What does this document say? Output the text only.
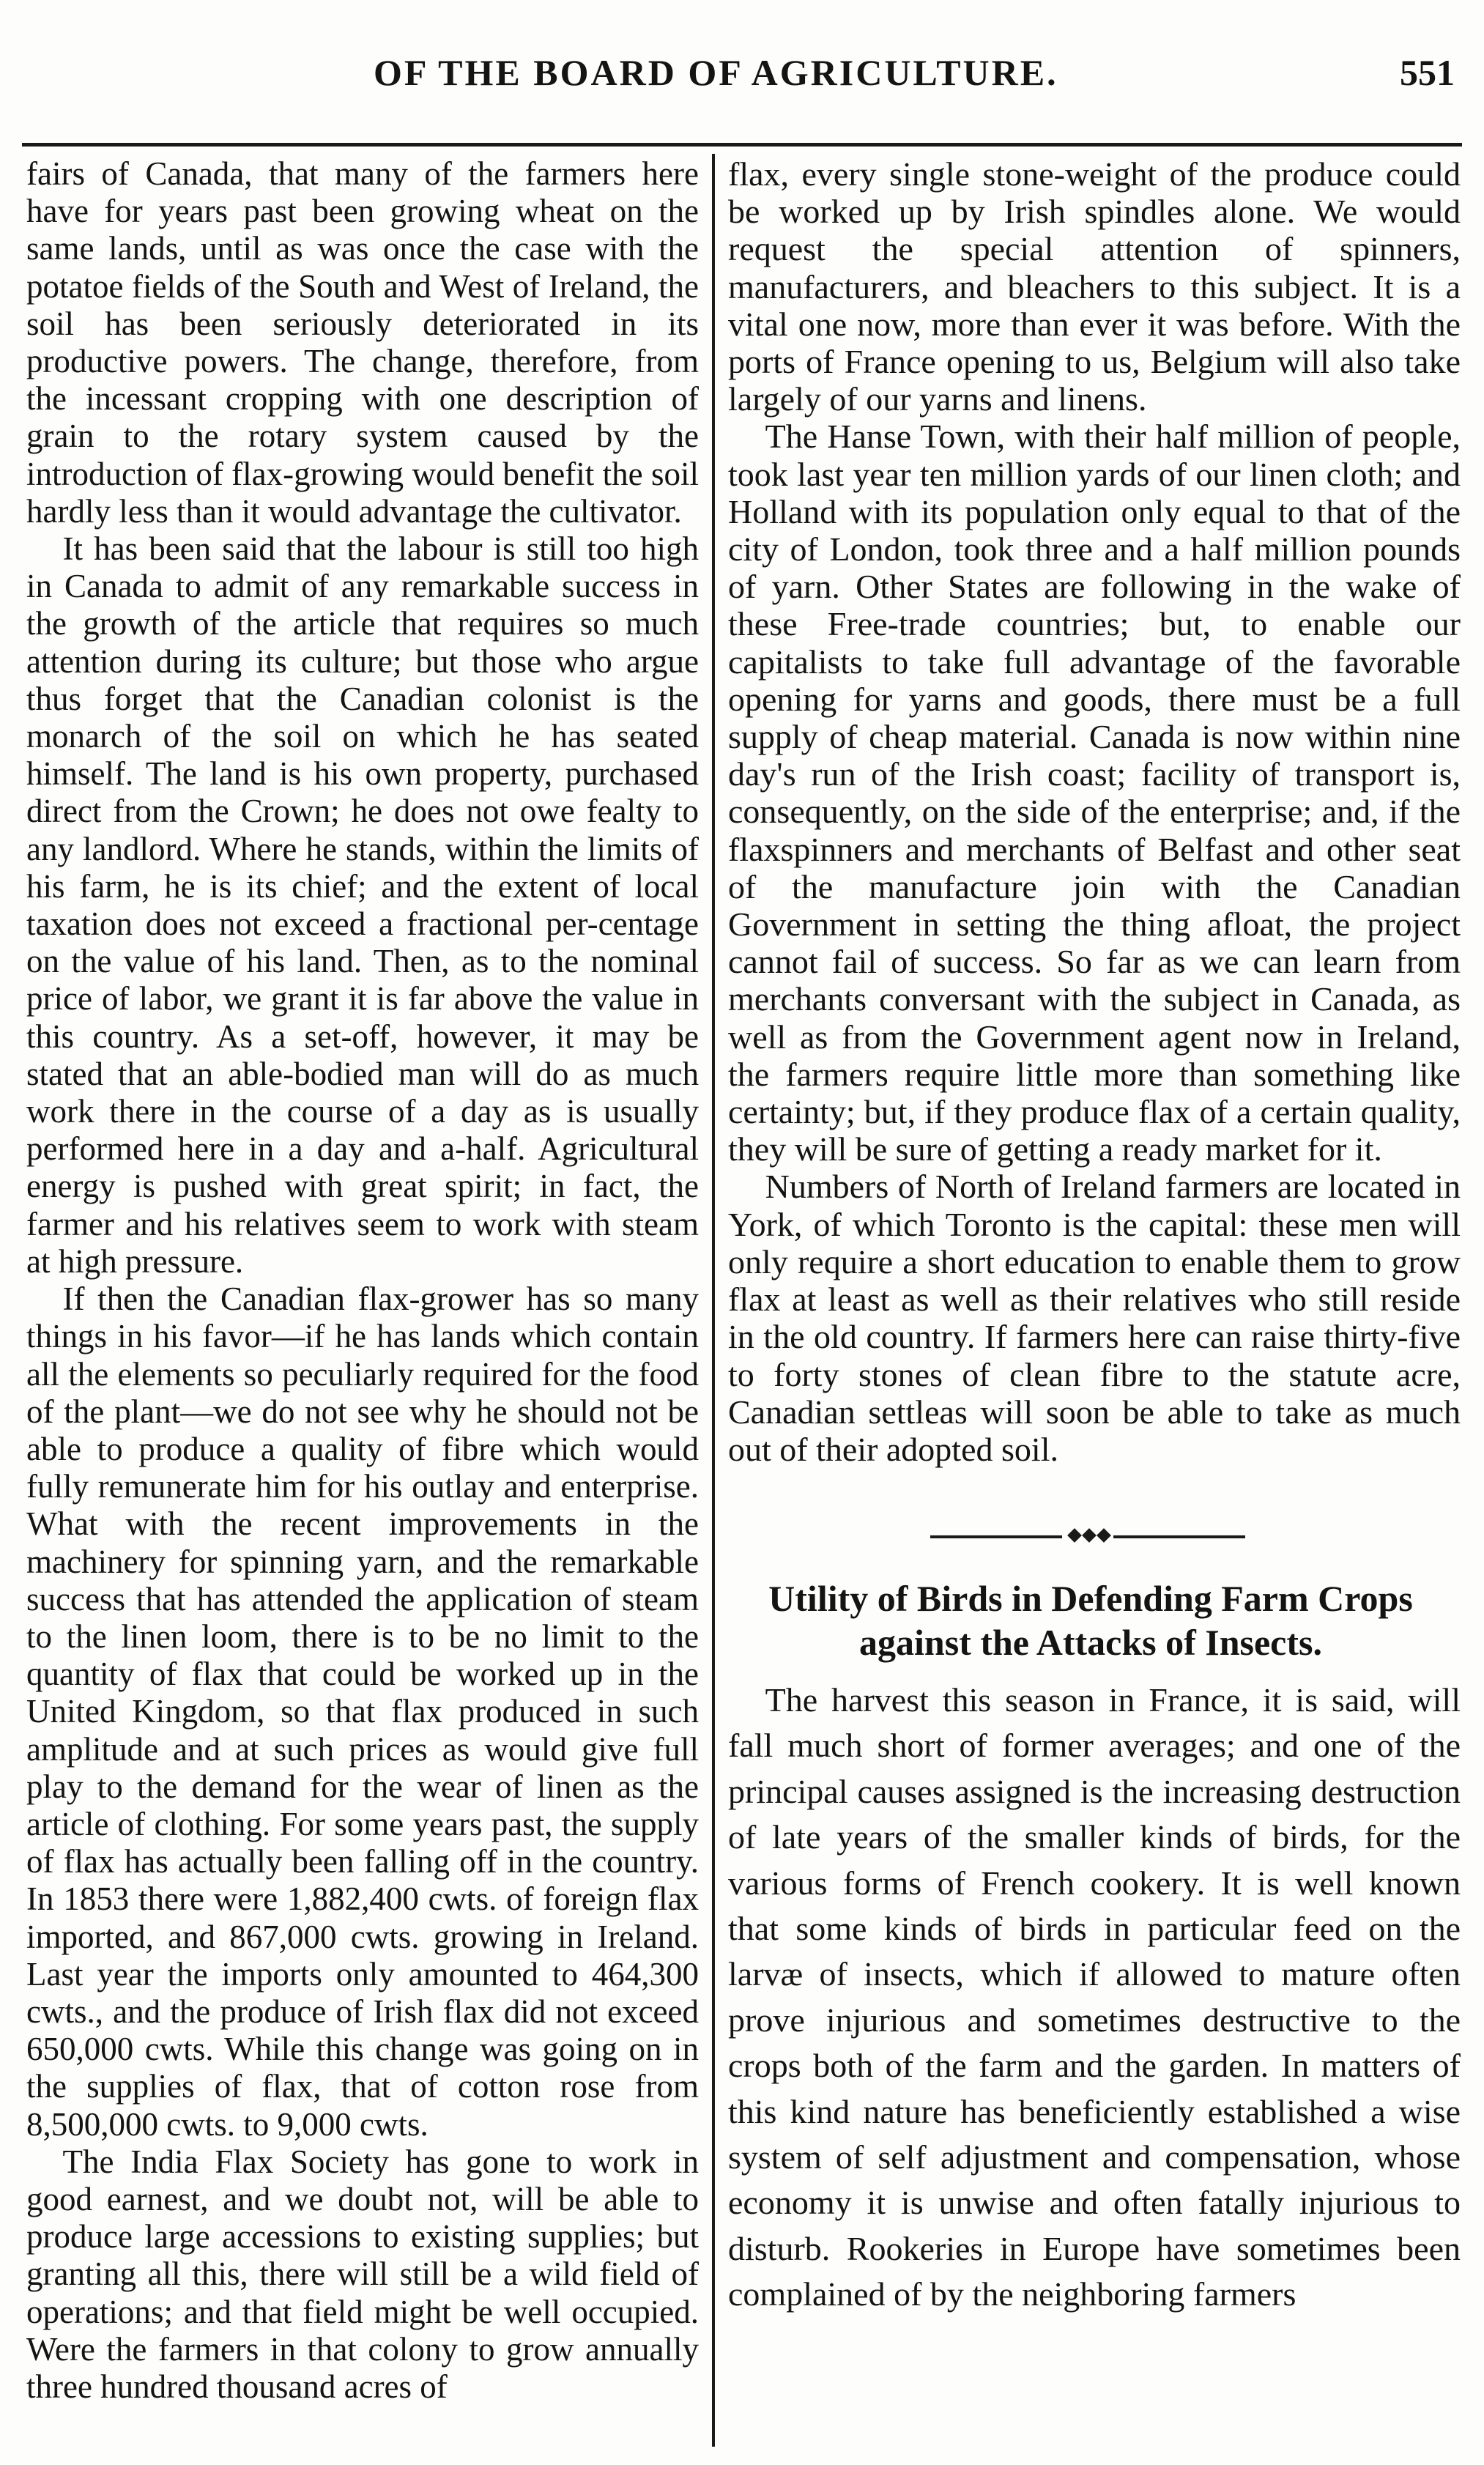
OF THE BOARD OF AGRICULTURE.	551

fairs of Canada, that many of the farmers here have for years past been growing wheat on the same lands, until as was once the case with the potatoe fields of the South and West of Ireland, the soil has been seriously deteriorated in its productive powers. The change, therefore, from the incessant cropping with one description of grain to the rotary system caused by the introduction of flax-growing would benefit the soil hardly less than it would advantage the cultivator.

It has been said that the labour is still too high in Canada to admit of any remarkable success in the growth of the article that requires so much attention during its culture; but those who argue thus forget that the Canadian colonist is the monarch of the soil on which he has seated himself. The land is his own property, purchased direct from the Crown; he does not owe fealty to any landlord. Where he stands, within the limits of his farm, he is its chief; and the extent of local taxation does not exceed a fractional per-centage on the value of his land. Then, as to the nominal price of labor, we grant it is far above the value in this country. As a set-off, however, it may be stated that an able-bodied man will do as much work there in the course of a day as is usually performed here in a day and a-half. Agricultural energy is pushed with great spirit; in fact, the farmer and his relatives seem to work with steam at high pressure.

If then the Canadian flax-grower has so many things in his favor—if he has lands which contain all the elements so peculiarly required for the food of the plant—we do not see why he should not be able to produce a quality of fibre which would fully remunerate him for his outlay and enterprise. What with the recent improvements in the machinery for spinning yarn, and the remarkable success that has attended the application of steam to the linen loom, there is to be no limit to the quantity of flax that could be worked up in the United Kingdom, so that flax produced in such amplitude and at such prices as would give full play to the demand for the wear of linen as the article of clothing. For some years past, the supply of flax has actually been falling off in the country. In 1853 there were 1,882,400 cwts. of foreign flax imported, and 867,000 cwts. growing in Ireland. Last year the imports only amounted to 464,300 cwts., and the produce of Irish flax did not exceed 650,000 cwts. While this change was going on in the supplies of flax, that of cotton rose from 8,500,000 cwts. to 9,000 cwts.

The India Flax Society has gone to work in good earnest, and we doubt not, will be able to produce large accessions to existing supplies; but granting all this, there will still be a wild field of operations; and that field might be well occupied. Were the farmers in that colony to grow annually three hundred thousand acres of

flax, every single stone-weight of the produce could be worked up by Irish spindles alone. We would request the special attention of spinners, manufacturers, and bleachers to this subject. It is a vital one now, more than ever it was before. With the ports of France opening to us, Belgium will also take largely of our yarns and linens.

The Hanse Town, with their half million of people, took last year ten million yards of our linen cloth; and Holland with its population only equal to that of the city of London, took three and a half million pounds of yarn. Other States are following in the wake of these Free-trade countries; but, to enable our capitalists to take full advantage of the favorable opening for yarns and goods, there must be a full supply of cheap material. Canada is now within nine day's run of the Irish coast; facility of transport is, consequently, on the side of the enterprise; and, if the flaxspinners and merchants of Belfast and other seat of the manufacture join with the Canadian Government in setting the thing afloat, the project cannot fail of success. So far as we can learn from merchants conversant with the subject in Canada, as well as from the Government agent now in Ireland, the farmers require little more than something like certainty; but, if they produce flax of a certain quality, they will be sure of getting a ready market for it.

Numbers of North of Ireland farmers are located in York, of which Toronto is the capital: these men will only require a short education to enable them to grow flax at least as well as their relatives who still reside in the old country. If farmers here can raise thirty-five to forty stones of clean fibre to the statute acre, Canadian settleas will soon be able to take as much out of their adopted soil.

Utility of Birds in Defending Farm Crops
against the Attacks of Insects.

The harvest this season in France, it is said, will fall much short of former averages; and one of the principal causes assigned is the increasing destruction of late years of the smaller kinds of birds, for the various forms of French cookery. It is well known that some kinds of birds in particular feed on the larvæ of insects, which if allowed to mature often prove injurious and sometimes destructive to the crops both of the farm and the garden. In matters of this kind nature has beneficiently established a wise system of self adjustment and compensation, whose economy it is unwise and often fatally injurious to disturb. Rookeries in Europe have sometimes been complained of by the neighboring farmers
